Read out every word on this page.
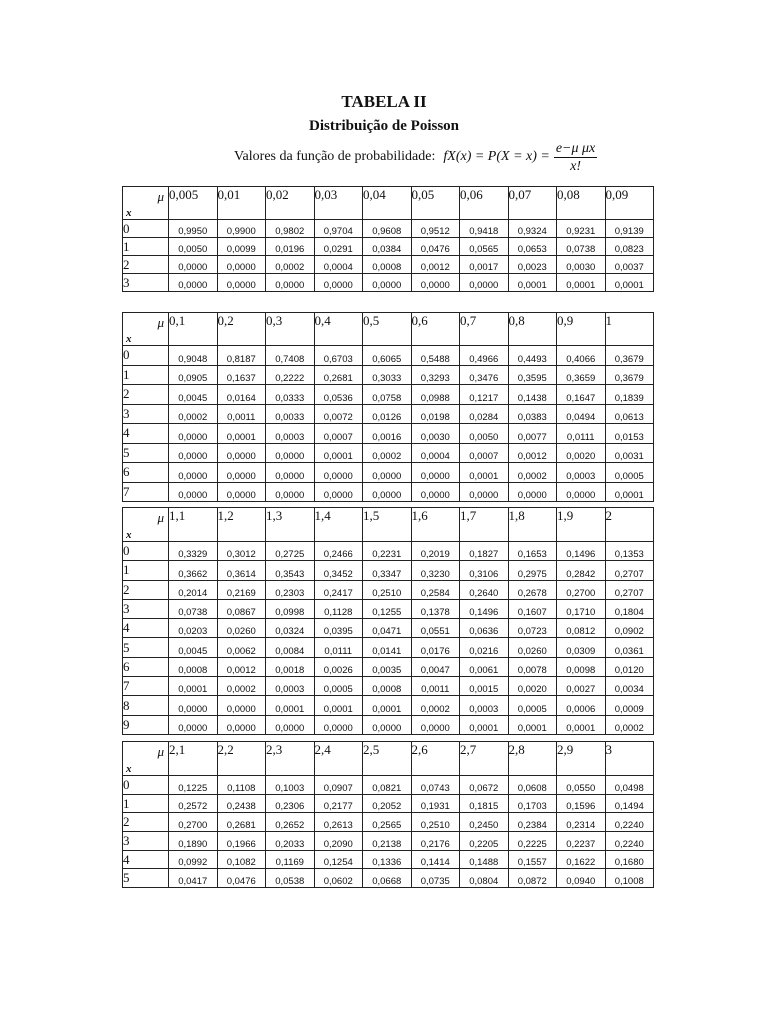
TABELA II
Distribuição de Poisson
Valores da função de probabilidade: $fX(x) = P(X = x) = \frac{\text{e−μ μx}}{x!}$
μ
x	0,005	0,01	0,02	0,03	0,04	0,05	0,06	0,07	0,08	0,09
0	0,9950	0,9900	0,9802	0,9704	0,9608	0,9512	0,9418	0,9324	0,9231	0,9139
1	0,0050	0,0099	0,0196	0,0291	0,0384	0,0476	0,0565	0,0653	0,0738	0,0823
2	0,0000	0,0000	0,0002	0,0004	0,0008	0,0012	0,0017	0,0023	0,0030	0,0037
3	0,0000	0,0000	0,0000	0,0000	0,0000	0,0000	0,0000	0,0001	0,0001	0,0001
μ
x	0,1	0,2	0,3	0,4	0,5	0,6	0,7	0,8	0,9	1
0	0,9048	0,8187	0,7408	0,6703	0,6065	0,5488	0,4966	0,4493	0,4066	0,3679
1	0,0905	0,1637	0,2222	0,2681	0,3033	0,3293	0,3476	0,3595	0,3659	0,3679
2	0,0045	0,0164	0,0333	0,0536	0,0758	0,0988	0,1217	0,1438	0,1647	0,1839
3	0,0002	0,0011	0,0033	0,0072	0,0126	0,0198	0,0284	0,0383	0,0494	0,0613
4	0,0000	0,0001	0,0003	0,0007	0,0016	0,0030	0,0050	0,0077	0,0111	0,0153
5	0,0000	0,0000	0,0000	0,0001	0,0002	0,0004	0,0007	0,0012	0,0020	0,0031
6	0,0000	0,0000	0,0000	0,0000	0,0000	0,0000	0,0001	0,0002	0,0003	0,0005
7	0,0000	0,0000	0,0000	0,0000	0,0000	0,0000	0,0000	0,0000	0,0000	0,0001
μ
x	1,1	1,2	1,3	1,4	1,5	1,6	1,7	1,8	1,9	2
0	0,3329	0,3012	0,2725	0,2466	0,2231	0,2019	0,1827	0,1653	0,1496	0,1353
1	0,3662	0,3614	0,3543	0,3452	0,3347	0,3230	0,3106	0,2975	0,2842	0,2707
2	0,2014	0,2169	0,2303	0,2417	0,2510	0,2584	0,2640	0,2678	0,2700	0,2707
3	0,0738	0,0867	0,0998	0,1128	0,1255	0,1378	0,1496	0,1607	0,1710	0,1804
4	0,0203	0,0260	0,0324	0,0395	0,0471	0,0551	0,0636	0,0723	0,0812	0,0902
5	0,0045	0,0062	0,0084	0,0111	0,0141	0,0176	0,0216	0,0260	0,0309	0,0361
6	0,0008	0,0012	0,0018	0,0026	0,0035	0,0047	0,0061	0,0078	0,0098	0,0120
7	0,0001	0,0002	0,0003	0,0005	0,0008	0,0011	0,0015	0,0020	0,0027	0,0034
8	0,0000	0,0000	0,0001	0,0001	0,0001	0,0002	0,0003	0,0005	0,0006	0,0009
9	0,0000	0,0000	0,0000	0,0000	0,0000	0,0000	0,0001	0,0001	0,0001	0,0002
μ
x	2,1	2,2	2,3	2,4	2,5	2,6	2,7	2,8	2,9	3
0	0,1225	0,1108	0,1003	0,0907	0,0821	0,0743	0,0672	0,0608	0,0550	0,0498
1	0,2572	0,2438	0,2306	0,2177	0,2052	0,1931	0,1815	0,1703	0,1596	0,1494
2	0,2700	0,2681	0,2652	0,2613	0,2565	0,2510	0,2450	0,2384	0,2314	0,2240
3	0,1890	0,1966	0,2033	0,2090	0,2138	0,2176	0,2205	0,2225	0,2237	0,2240
4	0,0992	0,1082	0,1169	0,1254	0,1336	0,1414	0,1488	0,1557	0,1622	0,1680
5	0,0417	0,0476	0,0538	0,0602	0,0668	0,0735	0,0804	0,0872	0,0940	0,1008
